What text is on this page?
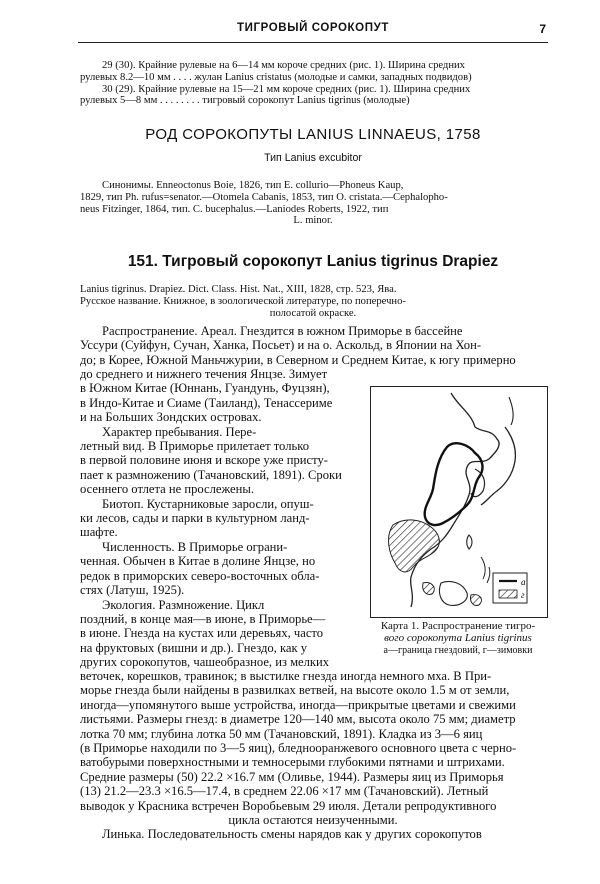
ТИГРОВЫЙ СОРОКОПУТ	7

29 (30). Крайние рулевые на 6—14 мм короче средних (рис. 1). Ширина средних

рулевых 8.2—10 мм . . . . жулан Lanius cristatus (молодые и самки, западных подвидов)

30 (29). Крайние рулевые на 15—21 мм короче средних (рис. 1). Ширина средних

рулевых 5—8 мм . . . . . . . . тигровый сорокопут Lanius tigrinus (молодые)

РОД СОРОКОПУТЫ LANIUS LINNAEUS, 1758
Тип Lanius excubitor

Синонимы. Enneoctonus Boie, 1826, тип E. collurio—Phoneus Kaup,

1829, тип Ph. rufus=senator.—Otomela Cabanis, 1853, тип O. cristata.—Cephalopho-

neus Fitzinger, 1864, тип. C. bucephalus.—Laniodes Roberts, 1922, тип

L. minor.

151. Тигровый сорокопут Lanius tigrinus Drapiez

Lanius tigrinus. Drapiez. Dict. Class. Hist. Nat., XIII, 1828, стр. 523, Ява.

Русское название. Книжное, в зоологической литературе, по поперечно-

полосатой окраске.

Распространение. Ареал. Гнездится в южном Приморье в бассейне

Уссури (Суйфун, Сучан, Ханка, Посьет) и на о. Аскольд, в Японии на Хон-

до; в Корее, Южной Маньчжурии, в Северном и Среднем Китае, к югу примерно

до среднего и нижнего течения Янцзе. Зимует

в Южном Китае (Юннань, Гуандунь, Фуцзян),

в Индо-Китае и Сиаме (Таиланд), Тенассериме

и на Больших Зондских островах.

Характер пребывания. Пере-

летный вид. В Приморье прилетает только

в первой половине июня и вскоре уже присту-

пает к размножению (Тачановский, 1891). Сроки

осеннего отлета не прослежены.

Биотоп. Кустарниковые заросли, опуш-

ки лесов, сады и парки в культурном ланд-

шафте.

Численность. В Приморье ограни-

ченная. Обычен в Китае в долине Янцзе, но

редок в приморских северо-восточных обла-

стях (Латуш, 1925).

Экология. Размножение. Цикл

поздний, в конце мая—в июне, в Приморье—

в июне. Гнезда на кустах или деревьях, часто

на фруктовых (вишни и др.). Гнездо, как у

других сорокопутов, чашеобразное, из мелких

а
г

Карта 1. Распространение тигро-

вого сорокопута Lanius tigrinus

а—граница гнездовий, г—зимовки

веточек, корешков, травинок; в выстилке гнезда иногда немного мха. В При-

морье гнезда были найдены в развилках ветвей, на высоте около 1.5 м от земли,

иногда—упомянутого выше устройства, иногда—прикрытые цветами и свежими

листьями. Размеры гнезд: в диаметре 120—140 мм, высота около 75 мм; диаметр

лотка 70 мм; глубина лотка 50 мм (Тачановский, 1891). Кладка из 3—6 яиц

(в Приморье находили по 3—5 яиц), бледнооранжевого основного цвета с черно-

ватобурыми поверхностными и темносерыми глубокими пятнами и штрихами.

Средние размеры (50) 22.2 ×16.7 мм (Оливье, 1944). Размеры яиц из Приморья

(13) 21.2—23.3 ×16.5—17.4, в среднем 22.06 ×17 мм (Тачановский). Летный

выводок у Красника встречен Воробьевым 29 июля. Детали репродуктивного

цикла остаются неизученными.

Линька. Последовательность смены нарядов как у других сорокопутов
